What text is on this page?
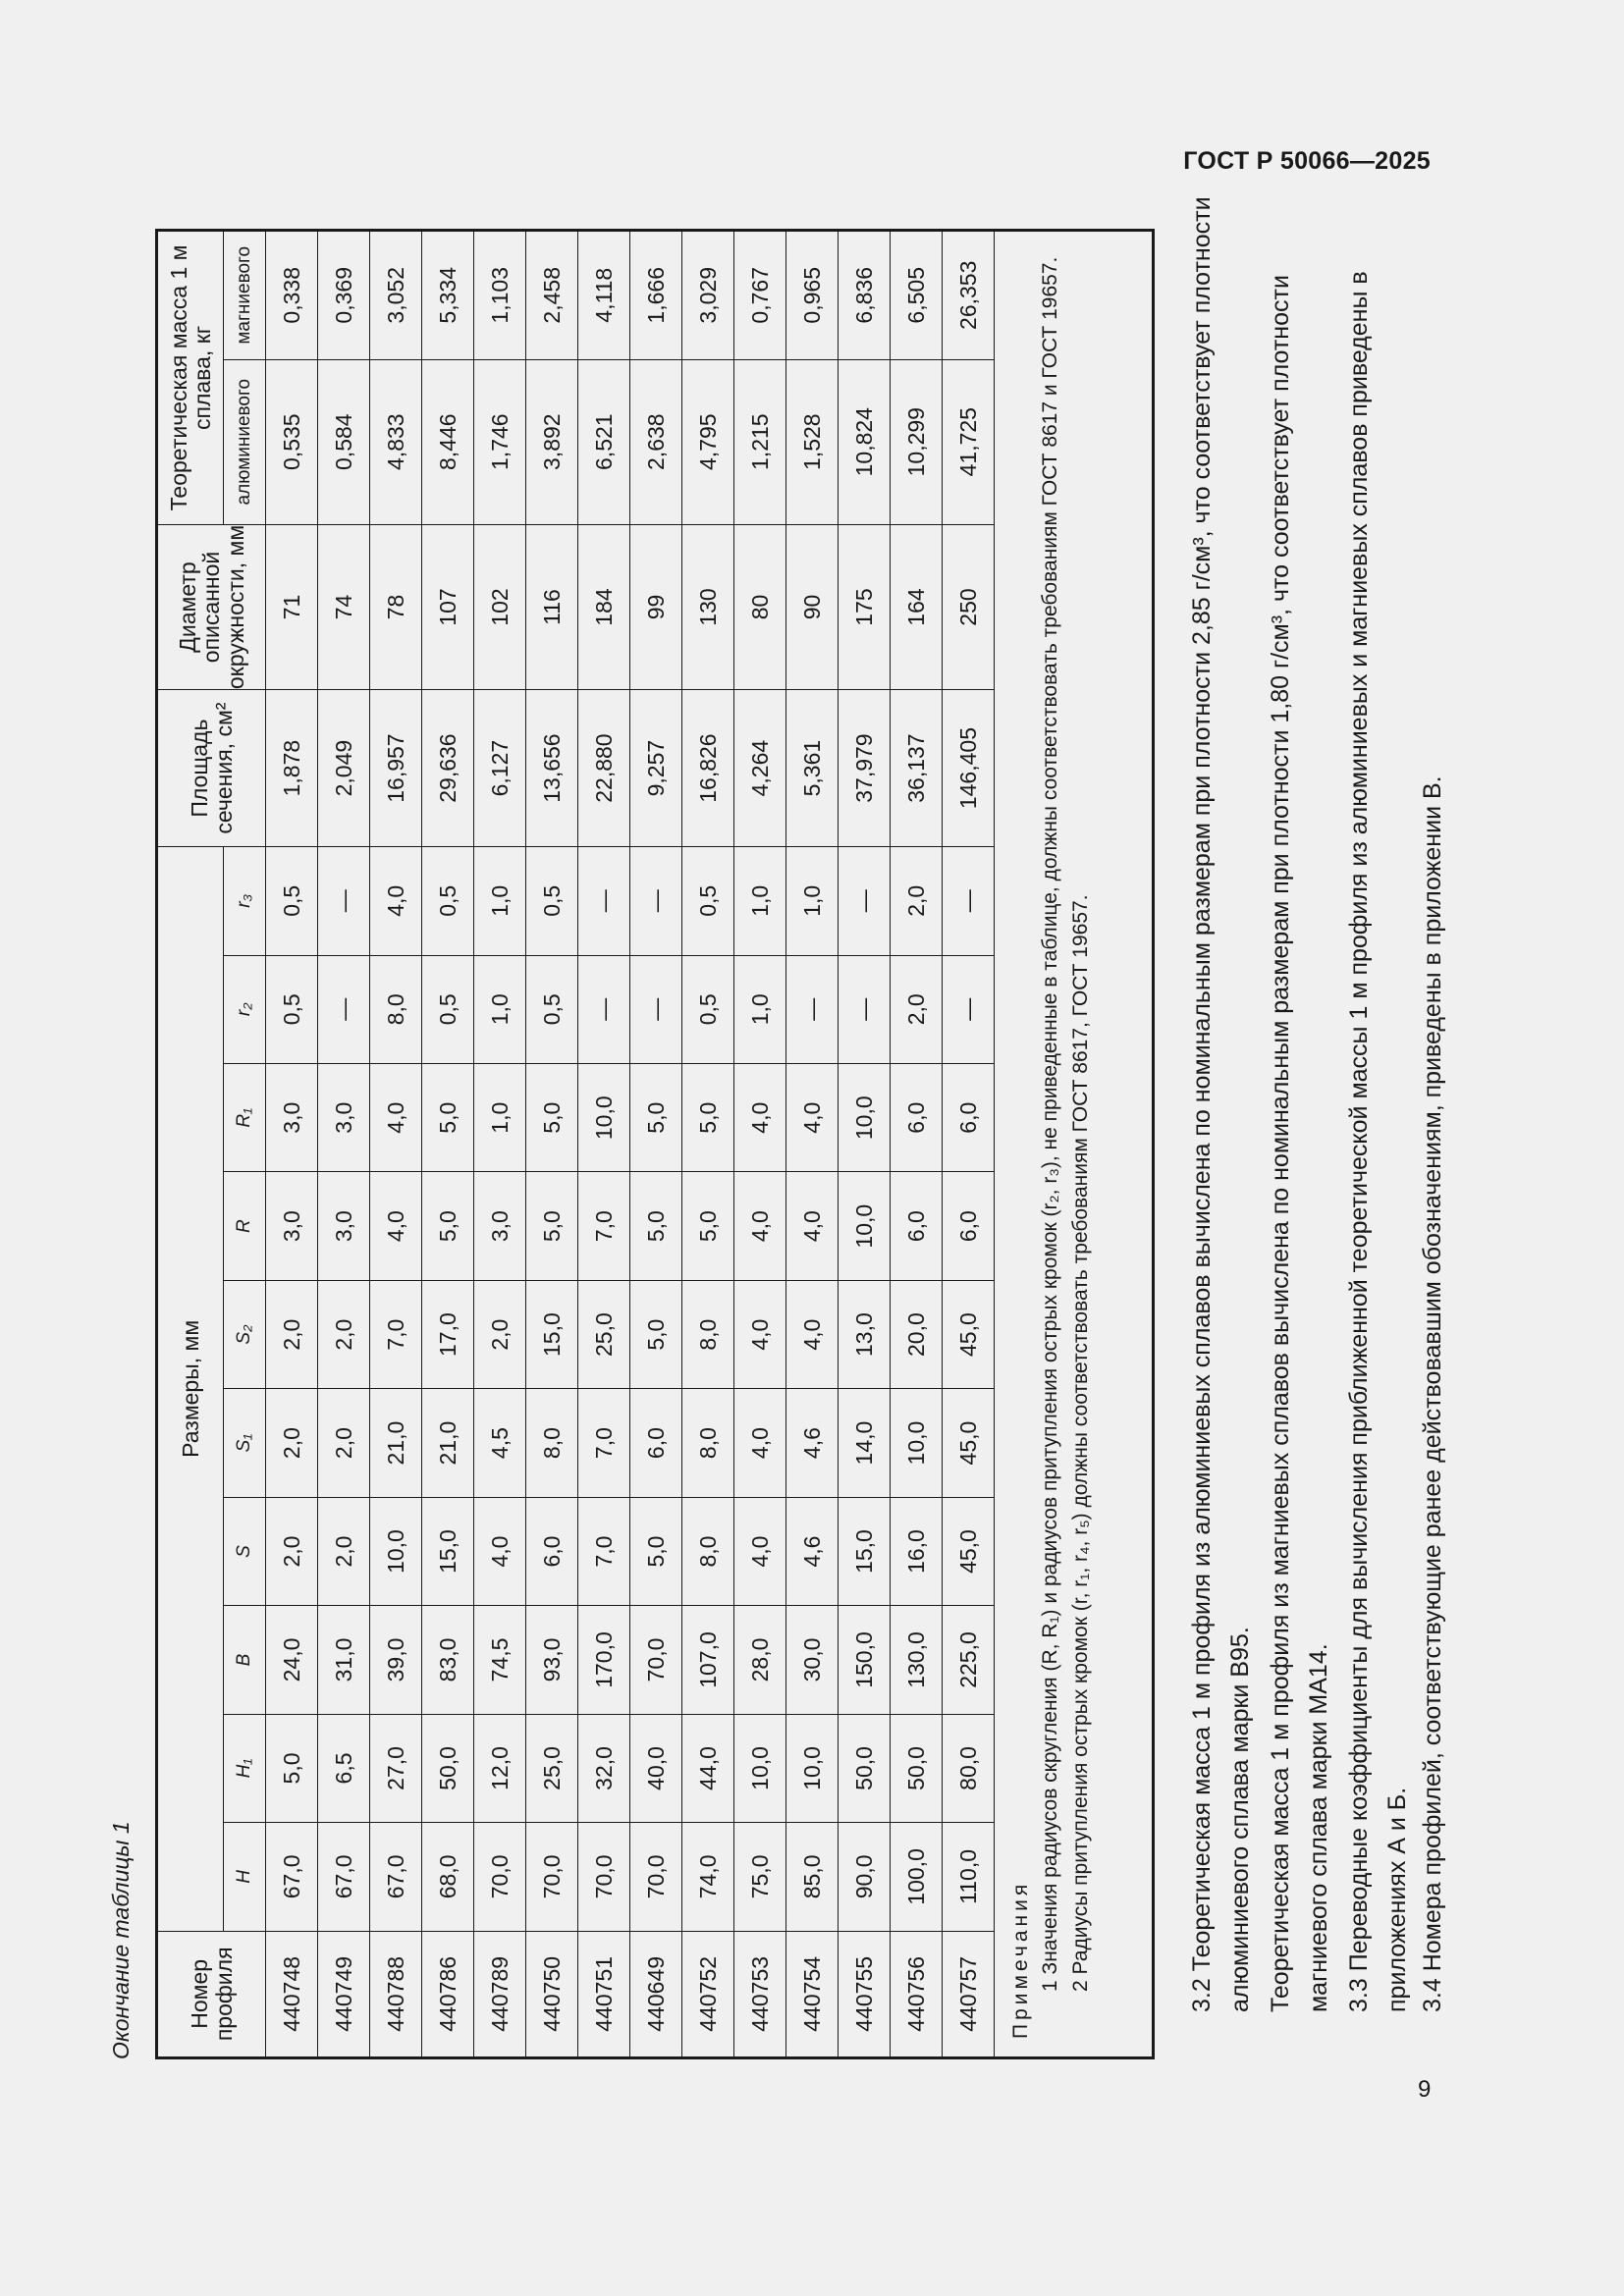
ГОСТ Р 50066—2025
Окончание таблицы 1 Номер профиля	Размеры, мм										Площадь сечения, см²	Диаметр описанной окружности, мм	Теоретическая масса 1 м сплава, кг	
	H	H₁	B	S	S₁	S₂	R	R₁	r₂	r₃			алюминиевого	магниевого
440748	67,0	5,0	24,0	2,0	2,0	2,0	3,0	3,0	0,5	0,5	1,878	71	0,535	0,338
440749	67,0	6,5	31,0	2,0	2,0	2,0	3,0	3,0	—	—	2,049	74	0,584	0,369
440788	67,0	27,0	39,0	10,0	21,0	7,0	4,0	4,0	8,0	4,0	16,957	78	4,833	3,052
440786	68,0	50,0	83,0	15,0	21,0	17,0	5,0	5,0	0,5	0,5	29,636	107	8,446	5,334
440789	70,0	12,0	74,5	4,0	4,5	2,0	3,0	1,0	1,0	1,0	6,127	102	1,746	1,103
440750	70,0	25,0	93,0	6,0	8,0	15,0	5,0	5,0	0,5	0,5	13,656	116	3,892	2,458
440751	70,0	32,0	170,0	7,0	7,0	25,0	7,0	10,0	—	—	22,880	184	6,521	4,118
440649	70,0	40,0	70,0	5,0	6,0	5,0	5,0	5,0	—	—	9,257	99	2,638	1,666
440752	74,0	44,0	107,0	8,0	8,0	8,0	5,0	5,0	0,5	0,5	16,826	130	4,795	3,029
440753	75,0	10,0	28,0	4,0	4,0	4,0	4,0	4,0	1,0	1,0	4,264	80	1,215	0,767
440754	85,0	10,0	30,0	4,6	4,6	4,0	4,0	4,0	—	1,0	5,361	90	1,528	0,965
440755	90,0	50,0	150,0	15,0	14,0	13,0	10,0	10,0	—	—	37,979	175	10,824	6,836
440756	100,0	50,0	130,0	16,0	10,0	20,0	6,0	6,0	2,0	2,0	36,137	164	10,299	6,505
440757	110,0	80,0	225,0	45,0	45,0	45,0	6,0	6,0	—	—	146,405	250	41,725	26,353

Примечания 1 Значения радиусов скругления (R, R₁) и радиусов притупления острых кромок (r₂, r₃), не приведенные в таблице, должны соответствовать требованиям ГОСТ 8617 и ГОСТ 19657. 2 Радиусы притупления острых кромок (r, r₁, r₄, r₅) должны соответствовать требованиям ГОСТ 8617, ГОСТ 19657.															3.2 Теоретическая масса 1 м профиля из алюминиевых сплавов вычислена по номинальным размерам при плотности 2,85 г/см³, что соответствует плотности алюминиевого сплава марки В95. Теоретическая масса 1 м профиля из магниевых сплавов вычислена по номинальным размерам при плотности 1,80 г/см³, что соответствует плотности магниевого сплава марки МА14. 3.3 Переводные коэффициенты для вычисления приближенной теоретической массы 1 м профиля из алюминиевых и магниевых сплавов приведены в приложениях А и Б. 3.4 Номера профилей, соответствующие ранее действовавшим обозначениям, приведены в приложении В.
9
